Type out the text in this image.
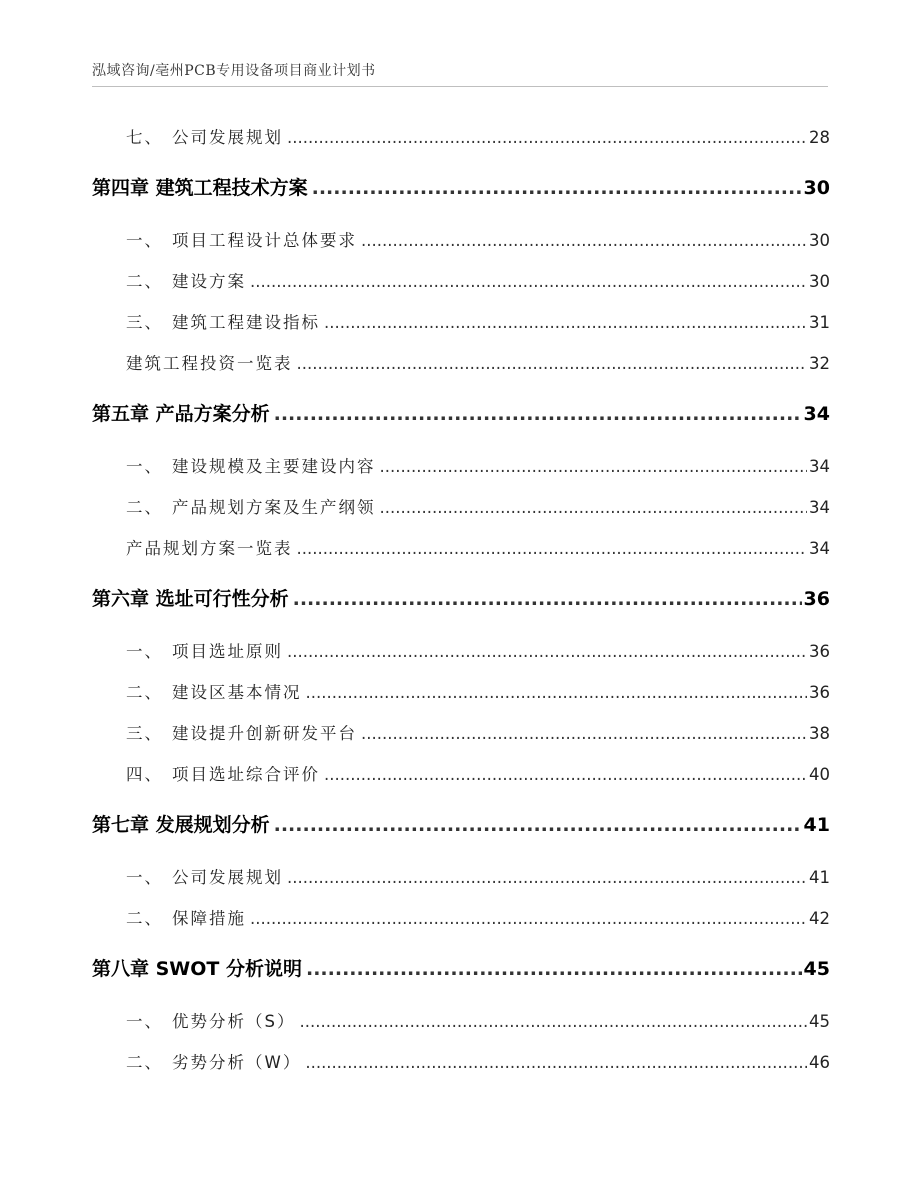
泓域咨询/亳州PCB专用设备项目商业计划书
七、 公司发展规划 .....	28
第四章 建筑工程技术方案 .....	30
一、 项目工程设计总体要求 .....	30
二、 建设方案 .....	30
三、 建筑工程建设指标 .....	31
建筑工程投资一览表 .....	32
第五章 产品方案分析 .....	34
一、 建设规模及主要建设内容 .....	34
二、 产品规划方案及生产纲领 .....	34
产品规划方案一览表 .....	34
第六章 选址可行性分析 .....	36
一、 项目选址原则 .....	36
二、 建设区基本情况 .....	36
三、 建设提升创新研发平台 .....	38
四、 项目选址综合评价 .....	40
第七章 发展规划分析 .....	41
一、 公司发展规划 .....	41
二、 保障措施 .....	42
第八章 SWOT 分析说明 .....	45
一、 优势分析（S） .....	45
二、 劣势分析（W） .....	46
